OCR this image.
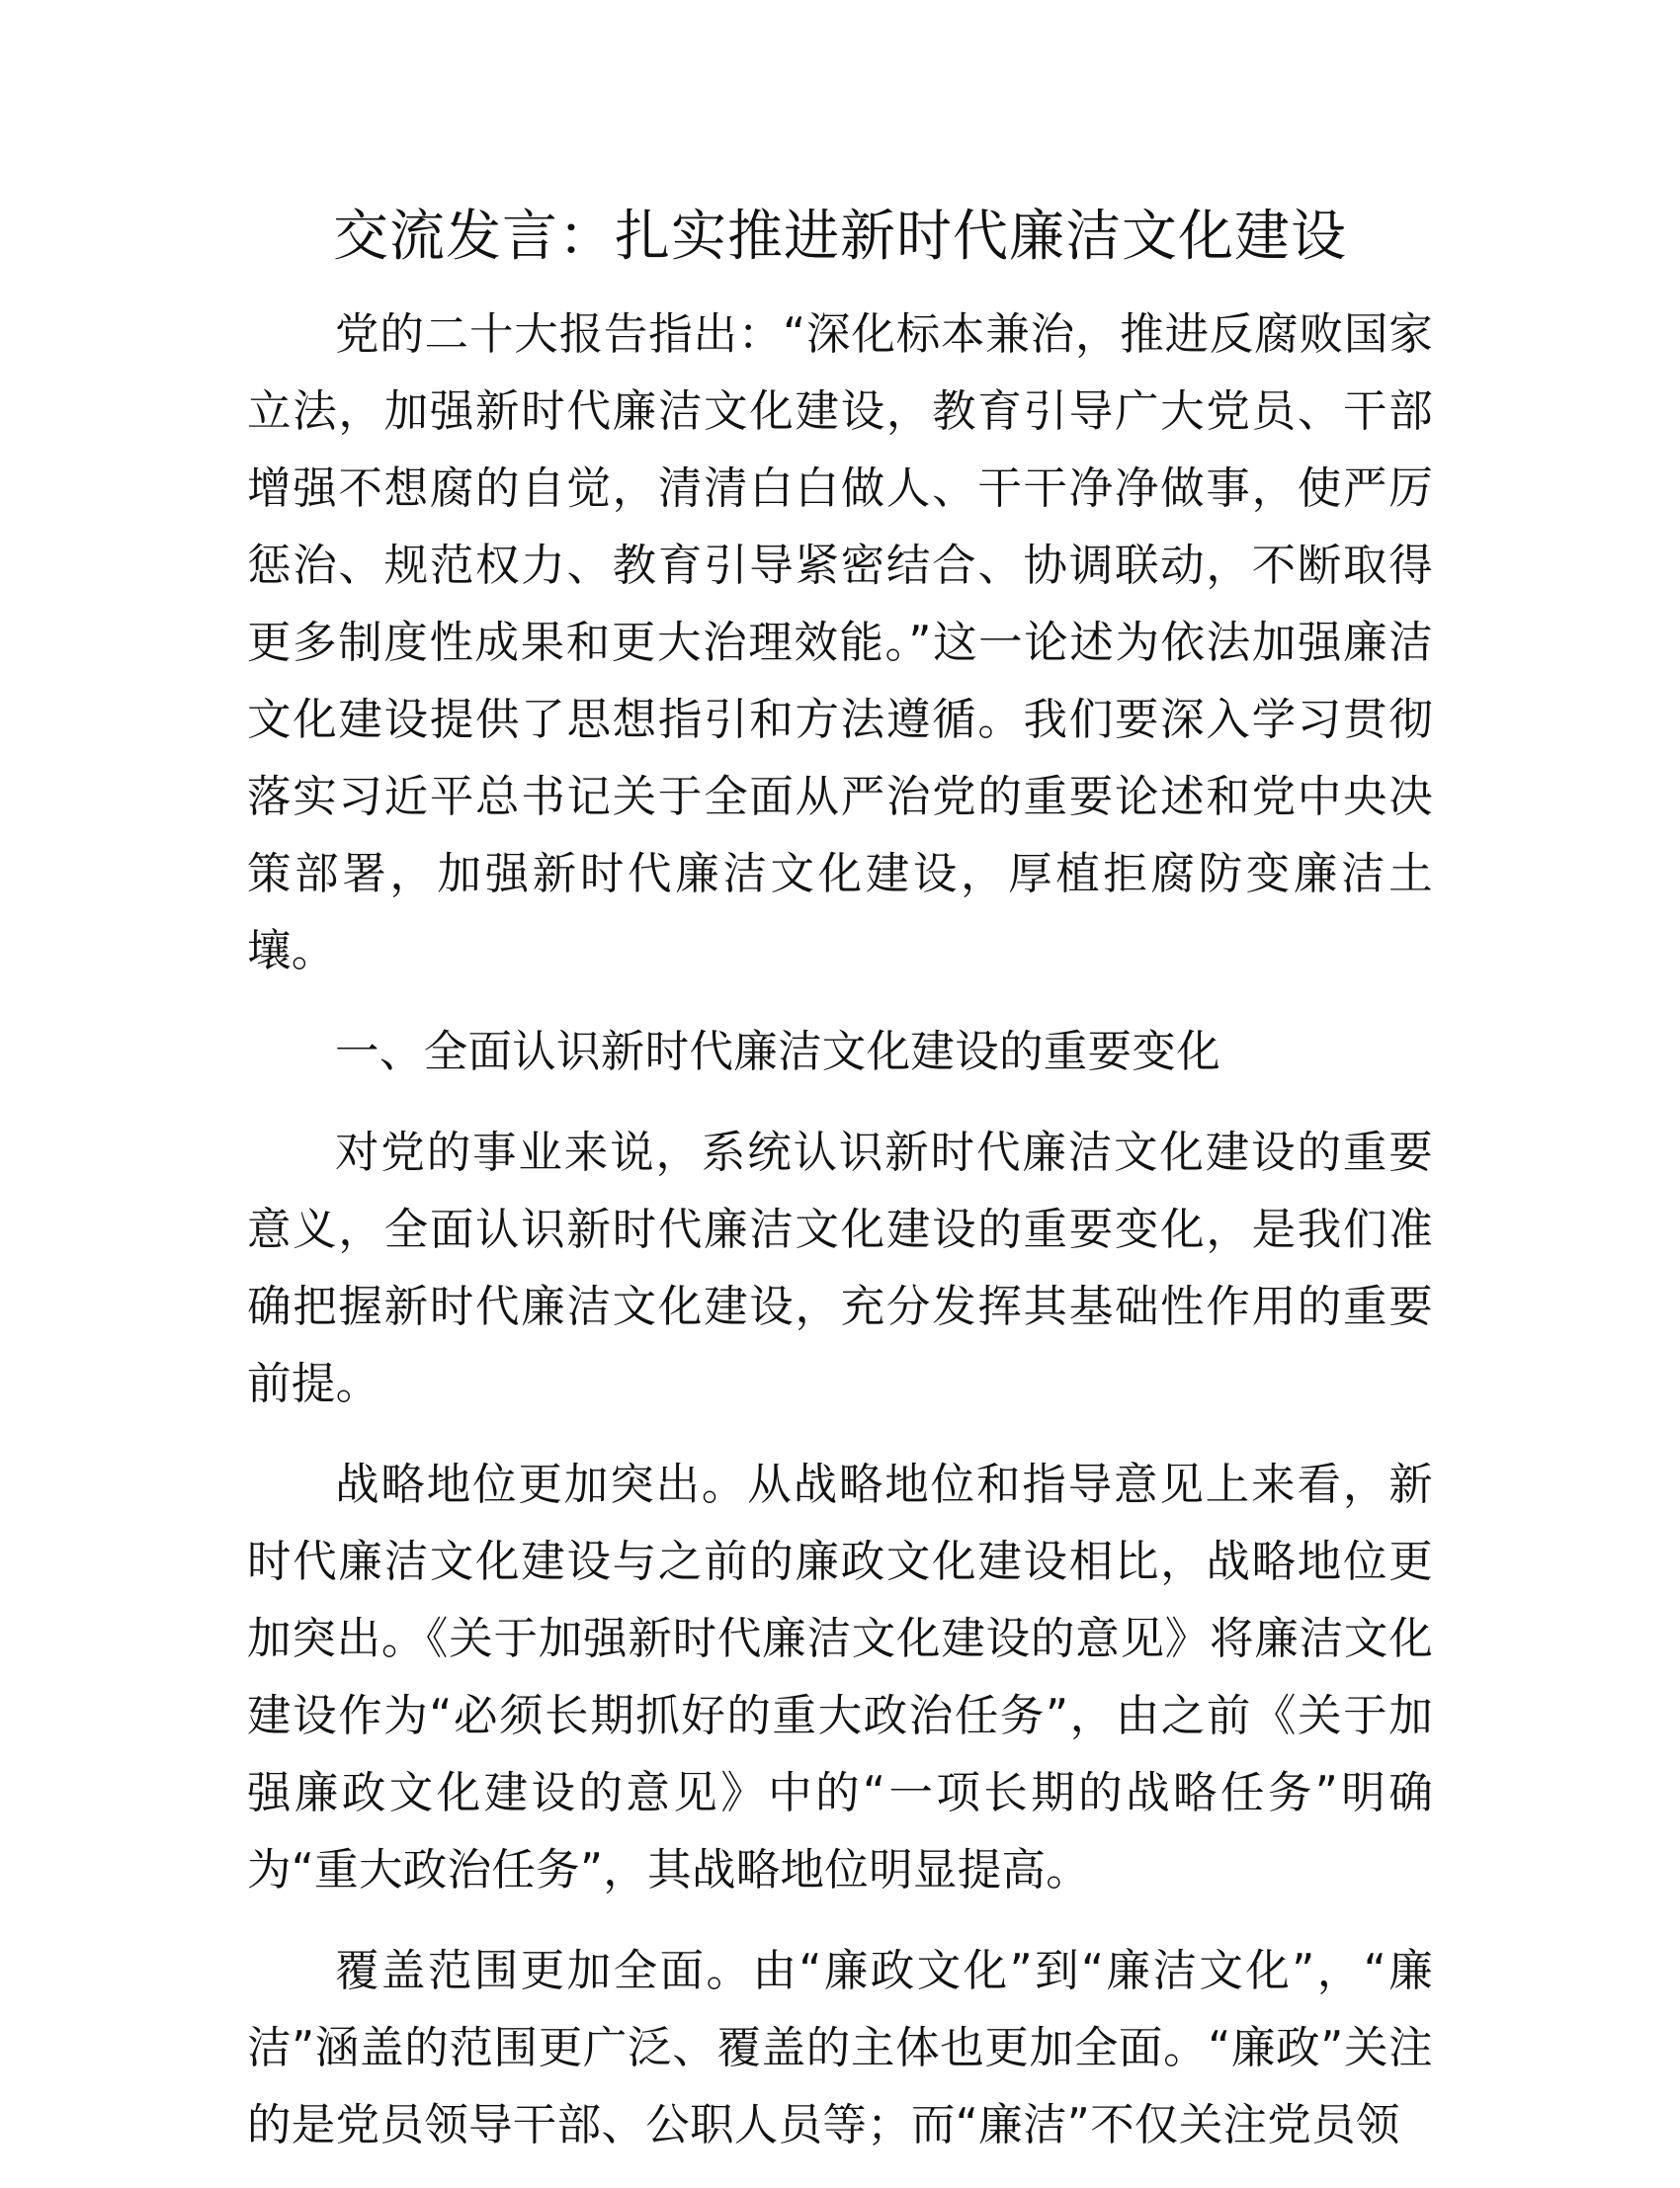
交流发言：扎实推进新时代廉洁文化建设

党的二十大报告指出：“深化标本兼治，推进反腐败国家立法，加强新时代廉洁文化建设，教育引导广大党员、干部增强不想腐的自觉，清清白白做人、干干净净做事，使严厉惩治、规范权力、教育引导紧密结合、协调联动，不断取得更多制度性成果和更大治理效能。”这一论述为依法加强廉洁文化建设提供了思想指引和方法遵循。我们要深入学习贯彻落实习近平总书记关于全面从严治党的重要论述和党中央决策部署，加强新时代廉洁文化建设，厚植拒腐防变廉洁土壤。

一、全面认识新时代廉洁文化建设的重要变化

对党的事业来说，系统认识新时代廉洁文化建设的重要意义，全面认识新时代廉洁文化建设的重要变化，是我们准确把握新时代廉洁文化建设，充分发挥其基础性作用的重要前提。

战略地位更加突出。从战略地位和指导意见上来看，新时代廉洁文化建设与之前的廉政文化建设相比，战略地位更加突出。《关于加强新时代廉洁文化建设的意见》将廉洁文化建设作为“必须长期抓好的重大政治任务”，由之前《关于加强廉政文化建设的意见》中的“一项长期的战略任务”明确为“重大政治任务”，其战略地位明显提高。

覆盖范围更加全面。由“廉政文化”到“廉洁文化”，“廉洁”涵盖的范围更广泛、覆盖的主体也更加全面。“廉政”关注的是党员领导干部、公职人员等；而“廉洁”不仅关注党员领
